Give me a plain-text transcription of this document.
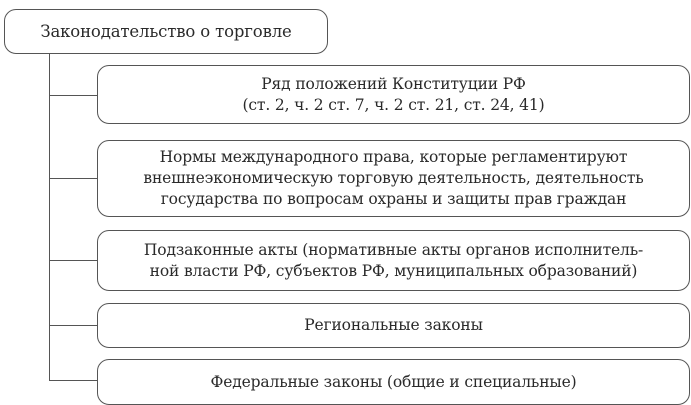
Законодательство о торговле
Ряд положений Конституции РФ
(ст. 2, ч. 2 ст. 7, ч. 2 ст. 21, ст. 24, 41)
Нормы международного права, которые регламентируют
внешнеэкономическую торговую деятельность, деятельность
государства по вопросам охраны и защиты прав граждан
Подзаконные акты (нормативные акты органов исполнитель-
ной власти РФ, субъектов РФ, муниципальных образований)
Региональные законы
Федеральные законы (общие и специальные)
